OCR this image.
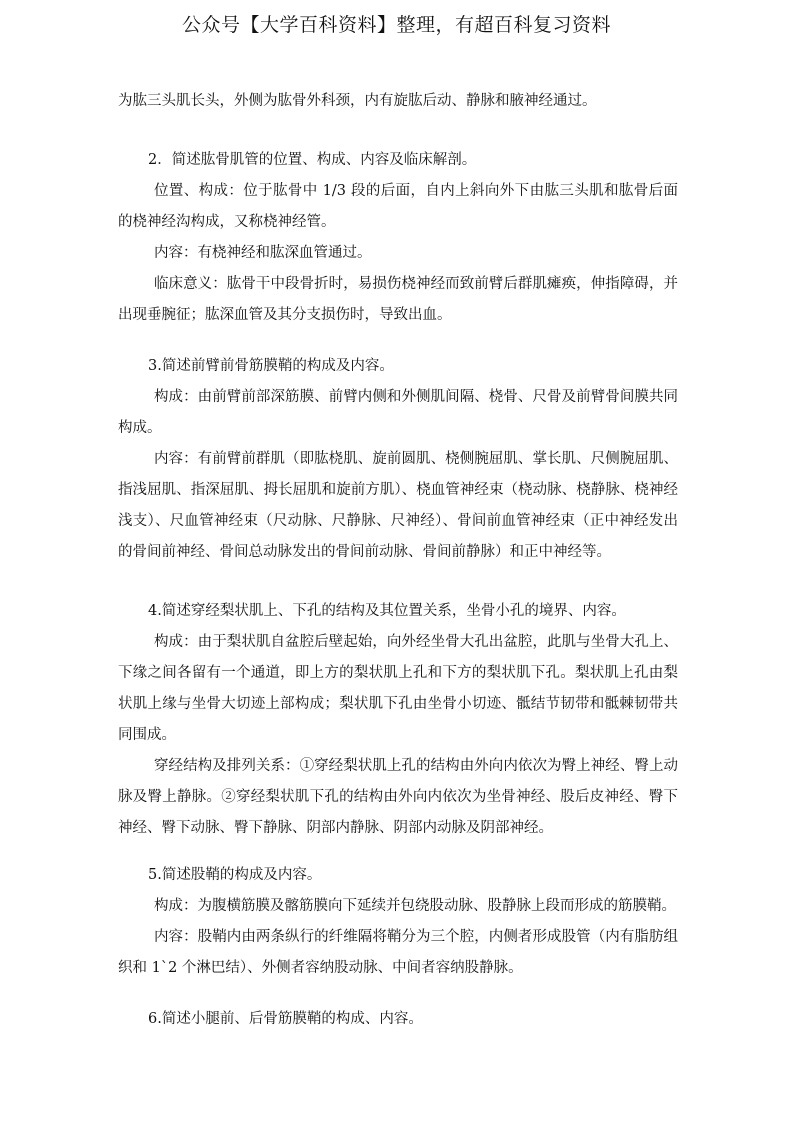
公众号【大学百科资料】整理，有超百科复习资料

为肱三头肌长头，外侧为肱骨外科颈，内有旋肱后动、静脉和腋神经通过。

2．简述肱骨肌管的位置、构成、内容及临床解剖。

位置、构成：位于肱骨中 1/3 段的后面，自内上斜向外下由肱三头肌和肱骨后面的桡神经沟构成，又称桡神经管。

内容：有桡神经和肱深血管通过。

临床意义：肱骨干中段骨折时，易损伤桡神经而致前臂后群肌瘫痪，伸指障碍，并出现垂腕征；肱深血管及其分支损伤时，导致出血。

3.简述前臂前骨筋膜鞘的构成及内容。

构成：由前臂前部深筋膜、前臂内侧和外侧肌间隔、桡骨、尺骨及前臂骨间膜共同构成。

内容：有前臂前群肌（即肱桡肌、旋前圆肌、桡侧腕屈肌、掌长肌、尺侧腕屈肌、指浅屈肌、指深屈肌、拇长屈肌和旋前方肌）、桡血管神经束（桡动脉、桡静脉、桡神经浅支）、尺血管神经束（尺动脉、尺静脉、尺神经）、骨间前血管神经束（正中神经发出的骨间前神经、骨间总动脉发出的骨间前动脉、骨间前静脉）和正中神经等。

4.简述穿经梨状肌上、下孔的结构及其位置关系，坐骨小孔的境界、内容。

构成：由于梨状肌自盆腔后壁起始，向外经坐骨大孔出盆腔，此肌与坐骨大孔上、下缘之间各留有一个通道，即上方的梨状肌上孔和下方的梨状肌下孔。梨状肌上孔由梨状肌上缘与坐骨大切迹上部构成；梨状肌下孔由坐骨小切迹、骶结节韧带和骶棘韧带共同围成。

穿经结构及排列关系：①穿经梨状肌上孔的结构由外向内依次为臀上神经、臀上动脉及臀上静脉。②穿经梨状肌下孔的结构由外向内依次为坐骨神经、股后皮神经、臀下神经、臀下动脉、臀下静脉、阴部内静脉、阴部内动脉及阴部神经。

5.简述股鞘的构成及内容。

构成：为腹横筋膜及髂筋膜向下延续并包绕股动脉、股静脉上段而形成的筋膜鞘。

内容：股鞘内由两条纵行的纤维隔将鞘分为三个腔，内侧者形成股管（内有脂肪组织和 1`2 个淋巴结）、外侧者容纳股动脉、中间者容纳股静脉。

6.简述小腿前、后骨筋膜鞘的构成、内容。
